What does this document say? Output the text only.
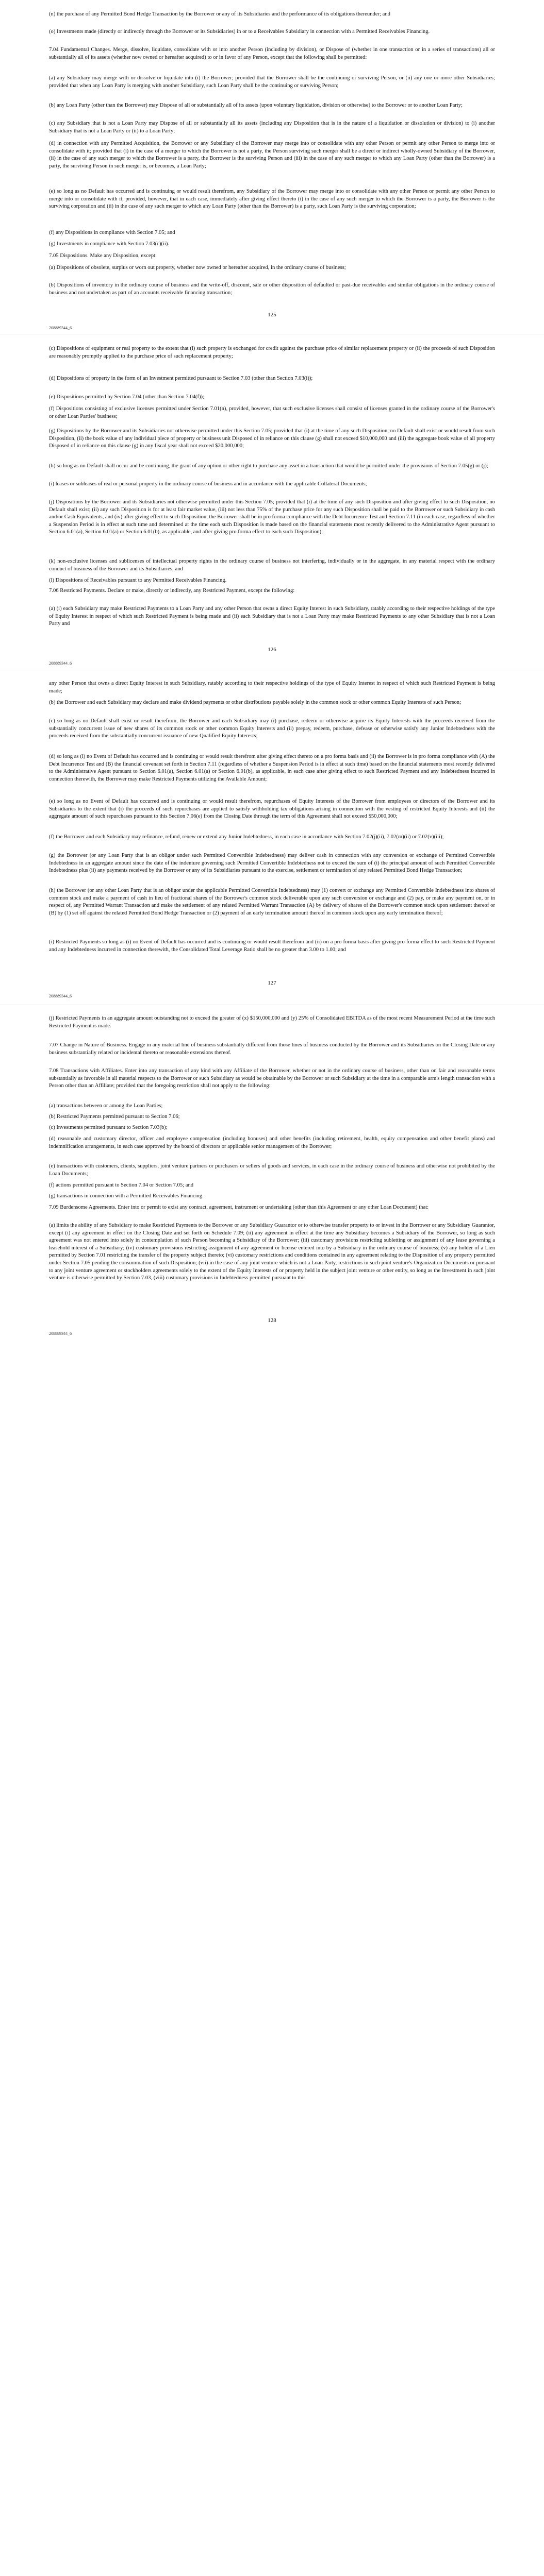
(n) the purchase of any Permitted Bond Hedge Transaction by the Borrower or any of its Subsidiaries and the performance of its obligations thereunder; and

(o) Investments made (directly or indirectly through the Borrower or its Subsidiaries) in or to a Receivables Subsidiary in connection with a Permitted Receivables Financing.

7.04 Fundamental Changes. Merge, dissolve, liquidate, consolidate with or into another Person (including by division), or Dispose of (whether in one transaction or in a series of transactions) all or substantially all of its assets (whether now owned or hereafter acquired) to or in favor of any Person, except that the following shall be permitted:

(a) any Subsidiary may merge with or dissolve or liquidate into (i) the Borrower; provided that the Borrower shall be the continuing or surviving Person, or (ii) any one or more other Subsidiaries; provided that when any Loan Party is merging with another Subsidiary, such Loan Party shall be the continuing or surviving Person;

(b) any Loan Party (other than the Borrower) may Dispose of all or substantially all of its assets (upon voluntary liquidation, division or otherwise) to the Borrower or to another Loan Party;

(c) any Subsidiary that is not a Loan Party may Dispose of all or substantially all its assets (including any Disposition that is in the nature of a liquidation or dissolution or division) to (i) another Subsidiary that is not a Loan Party or (ii) to a Loan Party;

(d) in connection with any Permitted Acquisition, the Borrower or any Subsidiary of the Borrower may merge into or consolidate with any other Person or permit any other Person to merge into or consolidate with it; provided that (i) in the case of a merger to which the Borrower is not a party, the Person surviving such merger shall be a direct or indirect wholly-owned Subsidiary of the Borrower, (ii) in the case of any such merger to which the Borrower is a party, the Borrower is the surviving Person and (iii) in the case of any such merger to which any Loan Party (other than the Borrower) is a party, the surviving Person in such merger is, or becomes, a Loan Party;

(e) so long as no Default has occurred and is continuing or would result therefrom, any Subsidiary of the Borrower may merge into or consolidate with any other Person or permit any other Person to merge into or consolidate with it; provided, however, that in each case, immediately after giving effect thereto (i) in the case of any such merger to which the Borrower is a party, the Borrower is the surviving corporation and (ii) in the case of any such merger to which any Loan Party (other than the Borrower) is a party, such Loan Party is the surviving corporation;

(f) any Dispositions in compliance with Section 7.05; and

(g) Investments in compliance with Section 7.03(c)(ii).

7.05 Dispositions. Make any Disposition, except:

(a) Dispositions of obsolete, surplus or worn out property, whether now owned or hereafter acquired, in the ordinary course of business;

(b) Dispositions of inventory in the ordinary course of business and the write-off, discount, sale or other disposition of defaulted or past-due receivables and similar obligations in the ordinary course of business and not undertaken as part of an accounts receivable financing transaction;

125
208889344_6

(c) Dispositions of equipment or real property to the extent that (i) such property is exchanged for credit against the purchase price of similar replacement property or (ii) the proceeds of such Disposition are reasonably promptly applied to the purchase price of such replacement property;

(d) Dispositions of property in the form of an Investment permitted pursuant to Section 7.03 (other than Section 7.03(i));

(e) Dispositions permitted by Section 7.04 (other than Section 7.04(f));

(f) Dispositions consisting of exclusive licenses permitted under Section 7.01(n), provided, however, that such exclusive licenses shall consist of licenses granted in the ordinary course of the Borrower's or other Loan Parties' business;

(g) Dispositions by the Borrower and its Subsidiaries not otherwise permitted under this Section 7.05; provided that (i) at the time of any such Disposition, no Default shall exist or would result from such Disposition, (ii) the book value of any individual piece of property or business unit Disposed of in reliance on this clause (g) shall not exceed $10,000,000 and (iii) the aggregate book value of all property Disposed of in reliance on this clause (g) in any fiscal year shall not exceed $20,000,000;

(h) so long as no Default shall occur and be continuing, the grant of any option or other right to purchase any asset in a transaction that would be permitted under the provisions of Section 7.05(g) or (j);

(i) leases or subleases of real or personal property in the ordinary course of business and in accordance with the applicable Collateral Documents;

(j) Dispositions by the Borrower and its Subsidiaries not otherwise permitted under this Section 7.05; provided that (i) at the time of any such Disposition and after giving effect to such Disposition, no Default shall exist; (ii) any such Disposition is for at least fair market value, (iii) not less than 75% of the purchase price for any such Disposition shall be paid to the Borrower or such Subsidiary in cash and/or Cash Equivalents, and (iv) after giving effect to such Disposition, the Borrower shall be in pro forma compliance with the Debt Incurrence Test and Section 7.11 (in each case, regardless of whether a Suspension Period is in effect at such time and determined at the time each such Disposition is made based on the financial statements most recently delivered to the Administrative Agent pursuant to Section 6.01(a), Section 6.01(a) or Section 6.01(b), as applicable, and after giving pro forma effect to each such Disposition);

(k) non-exclusive licenses and sublicenses of intellectual property rights in the ordinary course of business not interfering, individually or in the aggregate, in any material respect with the ordinary conduct of business of the Borrower and its Subsidiaries; and

(l) Dispositions of Receivables pursuant to any Permitted Receivables Financing.

7.06 Restricted Payments. Declare or make, directly or indirectly, any Restricted Payment, except the following:

(a) (i) each Subsidiary may make Restricted Payments to a Loan Party and any other Person that owns a direct Equity Interest in such Subsidiary, ratably according to their respective holdings of the type of Equity Interest in respect of which such Restricted Payment is being made and (ii) each Subsidiary that is not a Loan Party may make Restricted Payments to any other Subsidiary that is not a Loan Party and

126
208889344_6

any other Person that owns a direct Equity Interest in such Subsidiary, ratably according to their respective holdings of the type of Equity Interest in respect of which such Restricted Payment is being made;

(b) the Borrower and each Subsidiary may declare and make dividend payments or other distributions payable solely in the common stock or other common Equity Interests of such Person;

(c) so long as no Default shall exist or result therefrom, the Borrower and each Subsidiary may (i) purchase, redeem or otherwise acquire its Equity Interests with the proceeds received from the substantially concurrent issue of new shares of its common stock or other common Equity Interests and (ii) prepay, redeem, purchase, defease or otherwise satisfy any Junior Indebtedness with the proceeds received from the substantially concurrent issuance of new Qualified Equity Interests;

(d) so long as (i) no Event of Default has occurred and is continuing or would result therefrom after giving effect thereto on a pro forma basis and (ii) the Borrower is in pro forma compliance with (A) the Debt Incurrence Test and (B) the financial covenant set forth in Section 7.11 (regardless of whether a Suspension Period is in effect at such time) based on the financial statements most recently delivered to the Administrative Agent pursuant to Section 6.01(a), Section 6.01(a) or Section 6.01(b), as applicable, in each case after giving effect to such Restricted Payment and any Indebtedness incurred in connection therewith, the Borrower may make Restricted Payments utilizing the Available Amount;

(e) so long as no Event of Default has occurred and is continuing or would result therefrom, repurchases of Equity Interests of the Borrower from employees or directors of the Borrower and its Subsidiaries to the extent that (i) the proceeds of such repurchases are applied to satisfy withholding tax obligations arising in connection with the vesting of restricted Equity Interests and (ii) the aggregate amount of such repurchases pursuant to this Section 7.06(e) from the Closing Date through the term of this Agreement shall not exceed $50,000,000;

(f) the Borrower and each Subsidiary may refinance, refund, renew or extend any Junior Indebtedness, in each case in accordance with Section 7.02(j)(ii), 7.02(m)(ii) or 7.02(v)(iii);

(g) the Borrower (or any Loan Party that is an obligor under such Permitted Convertible Indebtedness) may deliver cash in connection with any conversion or exchange of Permitted Convertible Indebtedness in an aggregate amount since the date of the indenture governing such Permitted Convertible Indebtedness not to exceed the sum of (i) the principal amount of such Permitted Convertible Indebtedness plus (ii) any payments received by the Borrower or any of its Subsidiaries pursuant to the exercise, settlement or termination of any related Permitted Bond Hedge Transaction;

(h) the Borrower (or any other Loan Party that is an obligor under the applicable Permitted Convertible Indebtedness) may (1) convert or exchange any Permitted Convertible Indebtedness into shares of common stock and make a payment of cash in lieu of fractional shares of the Borrower's common stock deliverable upon any such conversion or exchange and (2) pay, or make any payment on, or in respect of, any Permitted Warrant Transaction and make the settlement of any related Permitted Warrant Transaction (A) by delivery of shares of the Borrower's common stock upon settlement thereof or (B) by (1) set off against the related Permitted Bond Hedge Transaction or (2) payment of an early termination amount thereof in common stock upon any early termination thereof;

(i) Restricted Payments so long as (i) no Event of Default has occurred and is continuing or would result therefrom and (ii) on a pro forma basis after giving pro forma effect to such Restricted Payment and any Indebtedness incurred in connection therewith, the Consolidated Total Leverage Ratio shall be no greater than 3.00 to 1.00; and

127
208889344_6

(j) Restricted Payments in an aggregate amount outstanding not to exceed the greater of (x) $150,000,000 and (y) 25% of Consolidated EBITDA as of the most recent Measurement Period at the time such Restricted Payment is made.

7.07 Change in Nature of Business. Engage in any material line of business substantially different from those lines of business conducted by the Borrower and its Subsidiaries on the Closing Date or any business substantially related or incidental thereto or reasonable extensions thereof.

7.08 Transactions with Affiliates. Enter into any transaction of any kind with any Affiliate of the Borrower, whether or not in the ordinary course of business, other than on fair and reasonable terms substantially as favorable in all material respects to the Borrower or such Subsidiary as would be obtainable by the Borrower or such Subsidiary at the time in a comparable arm's length transaction with a Person other than an Affiliate; provided that the foregoing restriction shall not apply to the following:

(a) transactions between or among the Loan Parties;

(b) Restricted Payments permitted pursuant to Section 7.06;

(c) Investments permitted pursuant to Section 7.03(b);

(d) reasonable and customary director, officer and employee compensation (including bonuses) and other benefits (including retirement, health, equity compensation and other benefit plans) and indemnification arrangements, in each case approved by the board of directors or applicable senior management of the Borrower;

(e) transactions with customers, clients, suppliers, joint venture partners or purchasers or sellers of goods and services, in each case in the ordinary course of business and otherwise not prohibited by the Loan Documents;

(f) actions permitted pursuant to Section 7.04 or Section 7.05; and

(g) transactions in connection with a Permitted Receivables Financing.

7.09 Burdensome Agreements. Enter into or permit to exist any contract, agreement, instrument or undertaking (other than this Agreement or any other Loan Document) that:

(a) limits the ability of any Subsidiary to make Restricted Payments to the Borrower or any Subsidiary Guarantor or to otherwise transfer property to or invest in the Borrower or any Subsidiary Guarantor, except (i) any agreement in effect on the Closing Date and set forth on Schedule 7.09; (ii) any agreement in effect at the time any Subsidiary becomes a Subsidiary of the Borrower, so long as such agreement was not entered into solely in contemplation of such Person becoming a Subsidiary of the Borrower; (iii) customary provisions restricting subletting or assignment of any lease governing a leasehold interest of a Subsidiary; (iv) customary provisions restricting assignment of any agreement or license entered into by a Subsidiary in the ordinary course of business; (v) any holder of a Lien permitted by Section 7.01 restricting the transfer of the property subject thereto; (vi) customary restrictions and conditions contained in any agreement relating to the Disposition of any property permitted under Section 7.05 pending the consummation of such Disposition; (vii) in the case of any joint venture which is not a Loan Party, restrictions in such joint venture's Organization Documents or pursuant to any joint venture agreement or stockholders agreements solely to the extent of the Equity Interests of or property held in the subject joint venture or other entity, so long as the Investment in such joint venture is otherwise permitted by Section 7.03, (viii) customary provisions in Indebtedness permitted pursuant to this

128
208889344_6
